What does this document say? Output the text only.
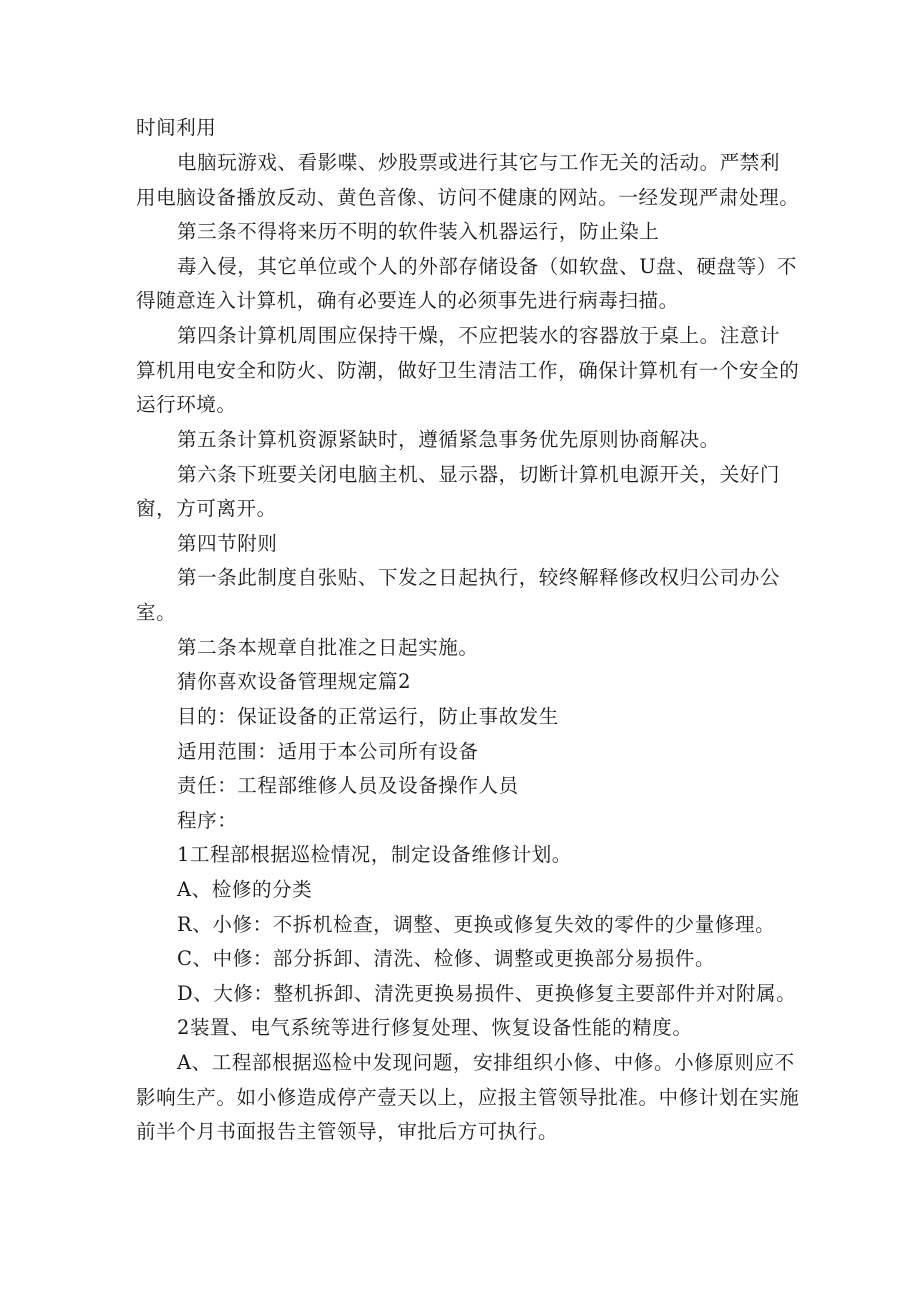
时间利用
电脑玩游戏、看影喋、炒股票或进行其它与工作无关的活动。严禁利
用电脑设备播放反动、黄色音像、访问不健康的网站。一经发现严肃处理。
第三条不得将来历不明的软件装入机器运行，防止染上
毒入侵，其它单位或个人的外部存储设备（如软盘、U盘、硬盘等）不
得随意连入计算机，确有必要连人的必须事先进行病毒扫描。
第四条计算机周围应保持干燥，不应把装水的容器放于桌上。注意计
算机用电安全和防火、防潮，做好卫生清洁工作，确保计算机有一个安全的
运行环境。
第五条计算机资源紧缺时，遵循紧急事务优先原则协商解决。
第六条下班要关闭电脑主机、显示器，切断计算机电源开关，关好门
窗，方可离开。
第四节附则
第一条此制度自张贴、下发之日起执行，较终解释修改权归公司办公
室。
第二条本规章自批准之日起实施。
猜你喜欢设备管理规定篇2
目的：保证设备的正常运行，防止事故发生
适用范围：适用于本公司所有设备
责任：工程部维修人员及设备操作人员
程序：
1工程部根据巡检情况，制定设备维修计划。
A、检修的分类
R、小修：不拆机检查，调整、更换或修复失效的零件的少量修理。
C、中修：部分拆卸、清洗、检修、调整或更换部分易损件。
D、大修：整机拆卸、清洗更换易损件、更换修复主要部件并对附属。
2装置、电气系统等进行修复处理、恢复设备性能的精度。
A、工程部根据巡检中发现问题，安排组织小修、中修。小修原则应不
影响生产。如小修造成停产壹天以上，应报主管领导批准。中修计划在实施
前半个月书面报告主管领导，审批后方可执行。
